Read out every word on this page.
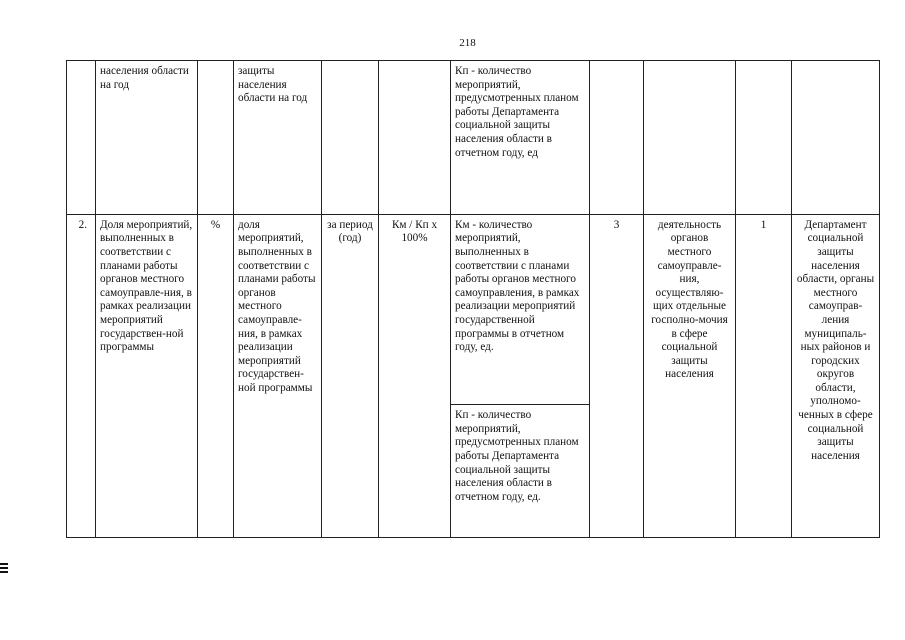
218
	населения области на год		защиты населения области на год			Кп - количество мероприятий, предусмотренных планом работы Департамента социальной защиты населения области в отчетном году, ед				
2.	Доля мероприятий, выполненных в соответствии с планами работы органов местного самоуправле-ния, в рамках реализации мероприятий государствен-ной программы	%	доля мероприятий, выполненных в соответствии с планами работы органов местного самоуправле-ния, в рамках реализации мероприятий государствен-ной программы	за период (год)	Км / Кп х 100%	Км - количество мероприятий, выполненных в соответствии с планами работы органов местного самоуправления, в рамках реализации мероприятий государственной программы в отчетном году, ед.	3	деятельность органов местного самоуправле-ния, осуществляю-щих отдельные госполно-мочия в сфере социальной защиты населения	1	Департамент социальной защиты населения области, органы местного самоуправ-ления муниципаль-ных районов и городских округов области, уполномо-ченных в сфере социальной защиты населения
						Кп - количество мероприятий, предусмотренных планом работы Департамента социальной защиты населения области в отчетном году, ед.				
